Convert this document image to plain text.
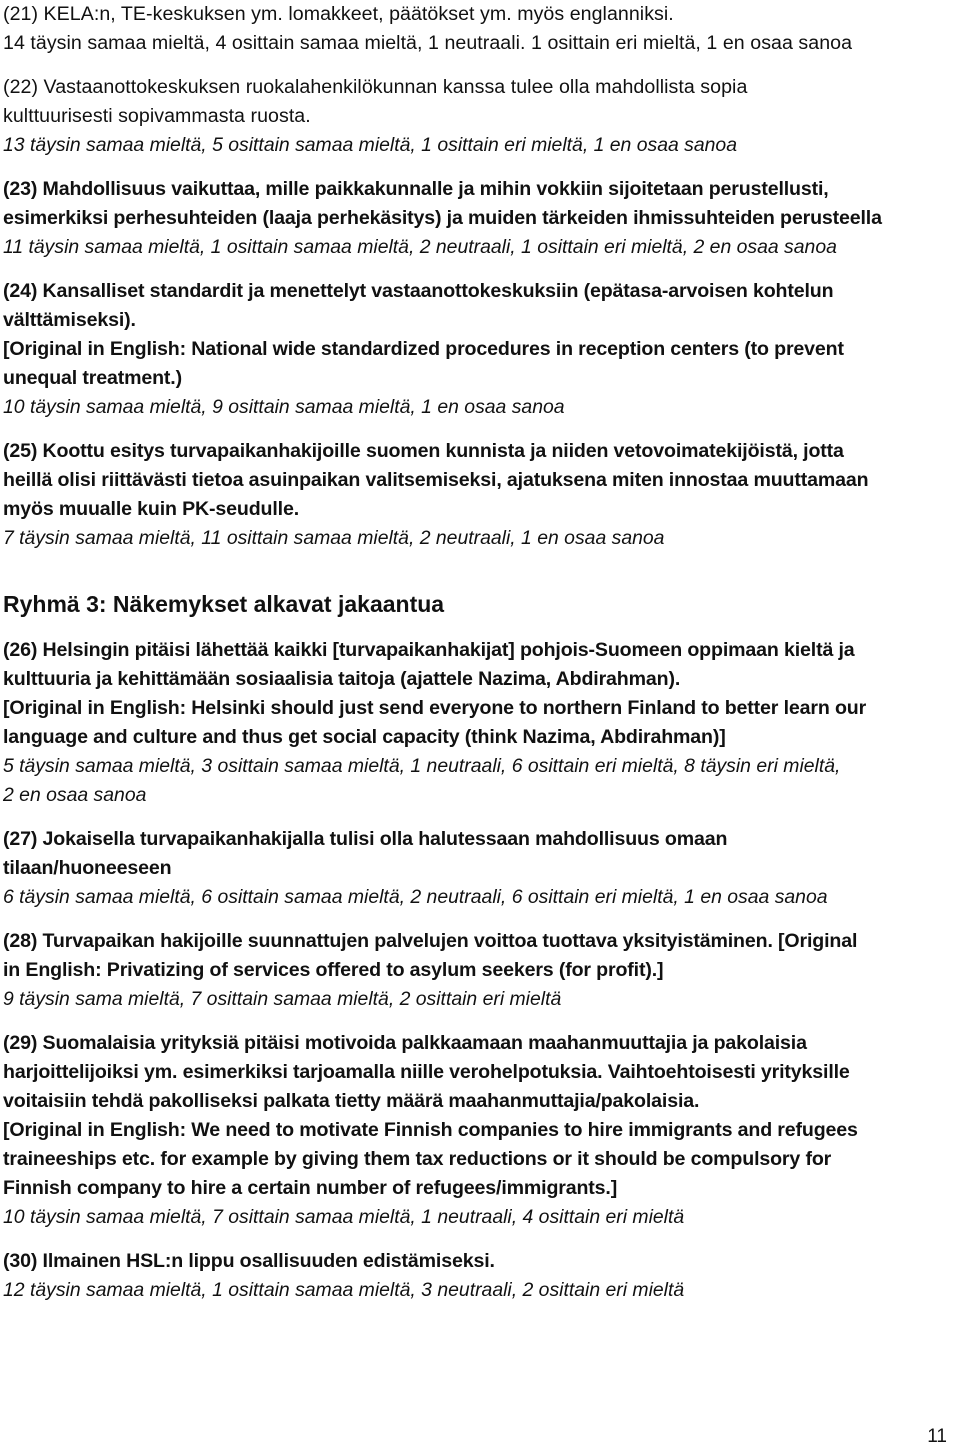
(21) KELA:n, TE-keskuksen ym. lomakkeet, päätökset ym. myös englanniksi.
14 täysin samaa mieltä, 4 osittain samaa mieltä, 1 neutraali. 1 osittain eri mieltä, 1 en osaa sanoa
(22) Vastaanottokeskuksen ruokalahenkilökunnan kanssa tulee olla mahdollista sopia
kulttuurisesti sopivammasta ruosta.
13 täysin samaa mieltä, 5 osittain samaa mieltä, 1 osittain eri mieltä, 1 en osaa sanoa
(23) Mahdollisuus vaikuttaa, mille paikkakunnalle ja mihin vokkiin sijoitetaan perustellusti,
esimerkiksi perhesuhteiden (laaja perhekäsitys) ja muiden tärkeiden ihmissuhteiden perusteella
11 täysin samaa mieltä, 1 osittain samaa mieltä, 2 neutraali, 1 osittain eri mieltä, 2 en osaa sanoa
(24) Kansalliset standardit ja menettelyt vastaanottokeskuksiin (epätasa-arvoisen kohtelun
välttämiseksi).
[Original in English: National wide standardized procedures in reception centers (to prevent
unequal treatment.)
10 täysin samaa mieltä, 9 osittain samaa mieltä, 1 en osaa sanoa
(25) Koottu esitys turvapaikanhakijoille suomen kunnista ja niiden vetovoimatekijöistä, jotta
heillä olisi riittävästi tietoa asuinpaikan valitsemiseksi, ajatuksena miten innostaa muuttamaan
myös muualle kuin PK-seudulle.
7 täysin samaa mieltä, 11 osittain samaa mieltä, 2 neutraali, 1 en osaa sanoa
Ryhmä 3: Näkemykset alkavat jakaantua
(26) Helsingin pitäisi lähettää kaikki [turvapaikanhakijat] pohjois-Suomeen oppimaan kieltä ja
kulttuuria ja kehittämään sosiaalisia taitoja (ajattele Nazima, Abdirahman).
[Original in English: Helsinki should just send everyone to northern Finland to better learn our
language and culture and thus get social capacity (think Nazima, Abdirahman)]
5 täysin samaa mieltä, 3 osittain samaa mieltä, 1 neutraali, 6 osittain eri mieltä, 8 täysin eri mieltä,
2 en osaa sanoa
(27) Jokaisella turvapaikanhakijalla tulisi olla halutessaan mahdollisuus omaan
tilaan/huoneeseen
6 täysin samaa mieltä, 6 osittain samaa mieltä, 2 neutraali, 6 osittain eri mieltä, 1 en osaa sanoa
(28) Turvapaikan hakijoille suunnattujen palvelujen voittoa tuottava yksityistäminen. [Original
in English: Privatizing of services offered to asylum seekers (for profit).]
9 täysin sama mieltä, 7 osittain samaa mieltä, 2 osittain eri mieltä
(29) Suomalaisia yrityksiä pitäisi motivoida palkkaamaan maahanmuuttajia ja pakolaisia
harjoittelijoiksi ym. esimerkiksi tarjoamalla niille verohelpotuksia. Vaihtoehtoisesti yrityksille
voitaisiin tehdä pakolliseksi palkata tietty määrä maahanmuttajia/pakolaisia.
[Original in English: We need to motivate Finnish companies to hire immigrants and refugees
traineeships etc. for example by giving them tax reductions or it should be compulsory for
Finnish company to hire a certain number of refugees/immigrants.]
10 täysin samaa mieltä, 7 osittain samaa mieltä, 1 neutraali, 4 osittain eri mieltä
(30) Ilmainen HSL:n lippu osallisuuden edistämiseksi.
12 täysin samaa mieltä, 1 osittain samaa mieltä, 3 neutraali, 2 osittain eri mieltä
11
